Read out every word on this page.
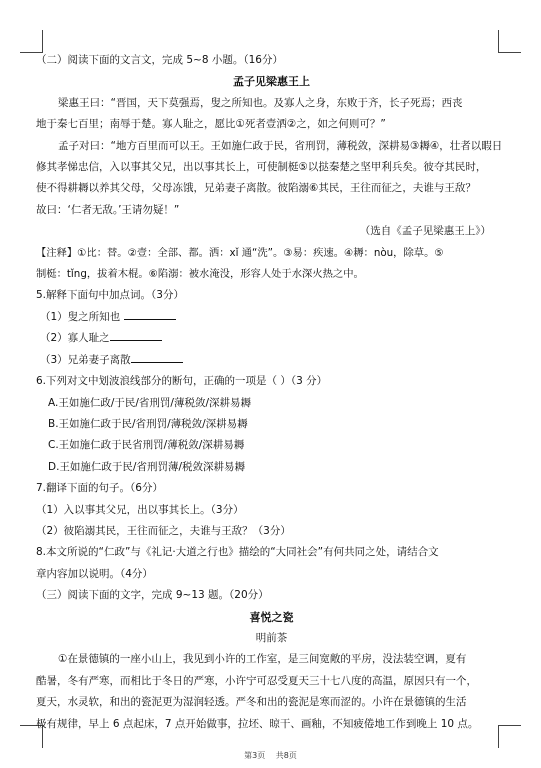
（二）阅读下面的文言文，完成 5~8 小题。（16分）
孟子见梁惠王上
梁惠王曰：“晋国，天下莫强焉，叟之所知也。及寡人之身，东败于齐，长子死焉；西丧
地于秦七百里；南辱于楚。寡人耻之，愿比①死者壹洒②之，如之何则可？”
孟子对曰：“地方百里而可以王。王如施仁政于民，省刑罚，薄税敛，深耕易③耨④，壮者以暇日
修其孝悌忠信，入以事其父兄，出以事其长上，可使制梃⑤以挞秦楚之坚甲利兵矣。彼夺其民时，
使不得耕耨以养其父母，父母冻饿，兄弟妻子离散。彼陷溺⑥其民，王往而征之，夫谁与王敌？
故曰：‘仁者无敌。’王请勿疑！”
（选自《孟子见梁惠王上》）
【注释】①比：替。②壹：全部、都。洒：xǐ 通“洗”。③易：疾速。④耨：nòu，除草。⑤
制梃：tǐng，拔着木棍。⑥陷溺：被水淹没，形容人处于水深火热之中。
5.解释下面句中加点词。（3分）
（1）叟之所知也
（2）寡人耻之
（3）兄弟妻子离散
6.下列对文中划波浪线部分的断句，正确的一项是（ ）（3 分）
A.王如施仁政/于民/省刑罚/薄税敛/深耕易耨
B.王如施仁政于民/省刑罚/薄税敛/深耕易耨
C.王如施仁政于民省刑罚/薄税敛/深耕易耨
D.王如施仁政于民/省刑罚薄/税敛深耕易耨
7.翻译下面的句子。（6分）
（1）入以事其父兄，出以事其长上。（3分）
（2）彼陷溺其民，王往而征之，夫谁与王敌？（3分）
8.本文所说的“仁政”与《礼记·大道之行也》描绘的“大同社会”有何共同之处，请结合文
章内容加以说明。（4分）
（三）阅读下面的文字，完成 9~13 题。（20分）
喜悦之瓷
明前茶
①在景德镇的一座小山上，我见到小许的工作室，是三间宽敞的平房，没法装空调，夏有
酷暑，冬有严寒，而相比于冬日的严寒，小许宁可忍受夏天三十七八度的高温，原因只有一个，
夏天，水灵软，和出的瓷泥更为湿润轻透。严冬和出的瓷泥是寒而涩的。小许在景德镇的生活
极有规律，早上 6 点起床，7 点开始做事，拉坯、晾干、画釉，不知疲倦地工作到晚上 10 点。
第3页 共8页
